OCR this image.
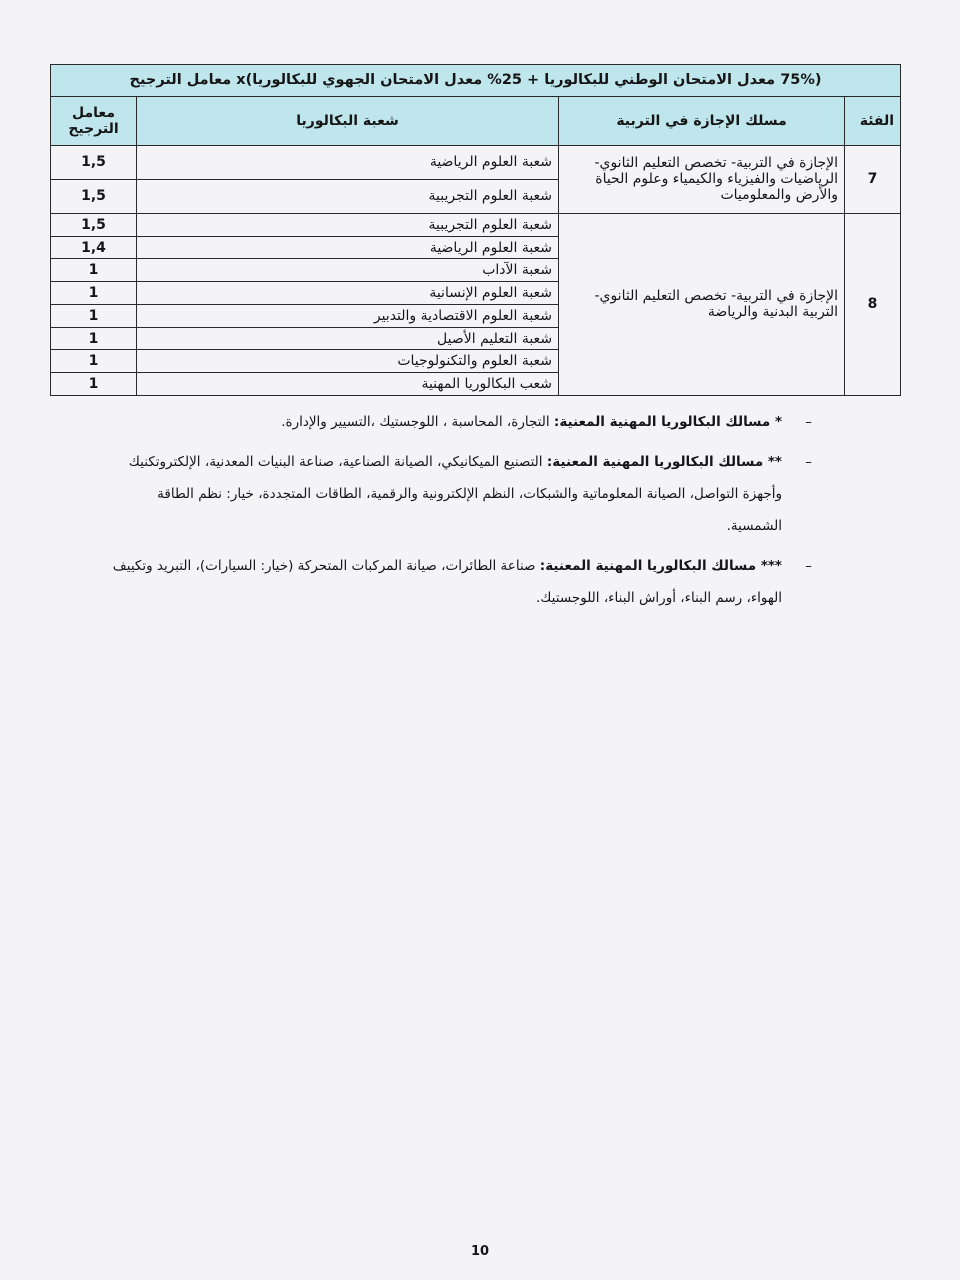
(75% معدل الامتحان الوطني للبكالوريا + 25% معدل الامتحان الجهوي للبكالوريا)x معامل الترجيح			
الفئة	مسلك الإجازة في التربية	شعبة البكالوريا	معامل الترجيح
7	الإجازة في التربية- تخصص التعليم الثانوي- الرياضيات والفيزياء والكيمياء وعلوم الحياة والأرض والمعلوميات	شعبة العلوم الرياضية	1,5
		شعبة العلوم التجريبية	1,5
8	الإجازة في التربية- تخصص التعليم الثانوي- التربية البدنية والرياضة	شعبة العلوم التجريبية	1,5
		شعبة العلوم الرياضية	1,4
		شعبة الآداب	1
		شعبة العلوم الإنسانية	1
		شعبة العلوم الاقتصادية والتدبير	1
		شعبة التعليم الأصيل	1
		شعبة العلوم والتكنولوجيات	1
		شعب البكالوريا المهنية	1
–
* مسالك البكالوريا المهنية المعنية: التجارة، المحاسبة ، اللوجستيك ،التسيير والإدارة.
–
** مسالك البكالوريا المهنية المعنية: التصنيع الميكانيكي، الصيانة الصناعية، صناعة البنيات المعدنية، الإلكتروتكنيك وأجهزة التواصل، الصيانة المعلوماتية والشبكات، النظم الإلكترونية والرقمية، الطاقات المتجددة، خيار: نظم الطاقة الشمسية.
–
*** مسالك البكالوريا المهنية المعنية: صناعة الطائرات، صيانة المركبات المتحركة (خيار: السيارات)، التبريد وتكييف الهواء، رسم البناء، أوراش البناء، اللوجستيك.
10
